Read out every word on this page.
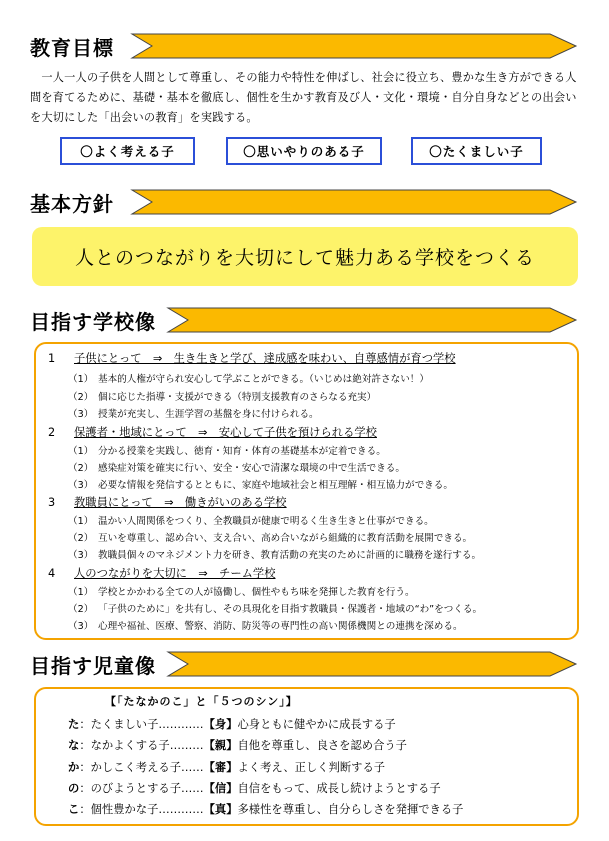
教育目標
　一人一人の子供を人間として尊重し、その能力や特性を伸ばし、社会に役立ち、豊かな生き方ができる人間を育てるために、基礎・基本を徹底し、個性を生かす教育及び人・文化・環境・自分自身などとの出会いを大切にした「出会いの教育」を実践する。
〇よく考える子	〇思いやりのある子	〇たくましい子
基本方針
人とのつながりを大切にして魅力ある学校をつくる
目指す学校像
1 子供にとって　⇒　生き生きと学び、達成感を味わい、自尊感情が育つ学校
（1） 基本的人権が守られ安心して学ぶことができる。（いじめは絶対許さない！）
（2） 個に応じた指導・支援ができる（特別支援教育のさらなる充実）
（3） 授業が充実し、生涯学習の基盤を身に付けられる。
2 保護者・地域にとって　⇒　安心して子供を預けられる学校
（1） 分かる授業を実践し、徳育・知育・体育の基礎基本が定着できる。
（2） 感染症対策を確実に行い、安全・安心で清潔な環境の中で生活できる。
（3） 必要な情報を発信するとともに、家庭や地域社会と相互理解・相互協力ができる。
3 教職員にとって　⇒　働きがいのある学校
（1） 温かい人間関係をつくり、全教職員が健康で明るく生き生きと仕事ができる。
（2） 互いを尊重し、認め合い、支え合い、高め合いながら組織的に教育活動を展開できる。
（3） 教職員個々のマネジメント力を研き、教育活動の充実のために計画的に職務を遂行する。
4 人のつながりを大切に　⇒　チーム学校
（1） 学校とかかわる全ての人が協働し、個性やもち味を発揮した教育を行う。
（2） 「子供のために」を共有し、その具現化を目指す教職員・保護者・地域の“わ”をつくる。
（3） 心理や福祉、医療、警察、消防、防災等の専門性の高い関係機関との連携を深める。
目指す児童像
【「たなかのこ」と「５つのシン」】
た：たくましい子…………【身】心身ともに健やかに成長する子
な：なかよくする子………【親】自他を尊重し、良さを認め合う子
か：かしこく考える子……【審】よく考え、正しく判断する子
の：のびようとする子……【信】自信をもって、成長し続けようとする子
こ：個性豊かな子…………【真】多様性を尊重し、自分らしさを発揮できる子
